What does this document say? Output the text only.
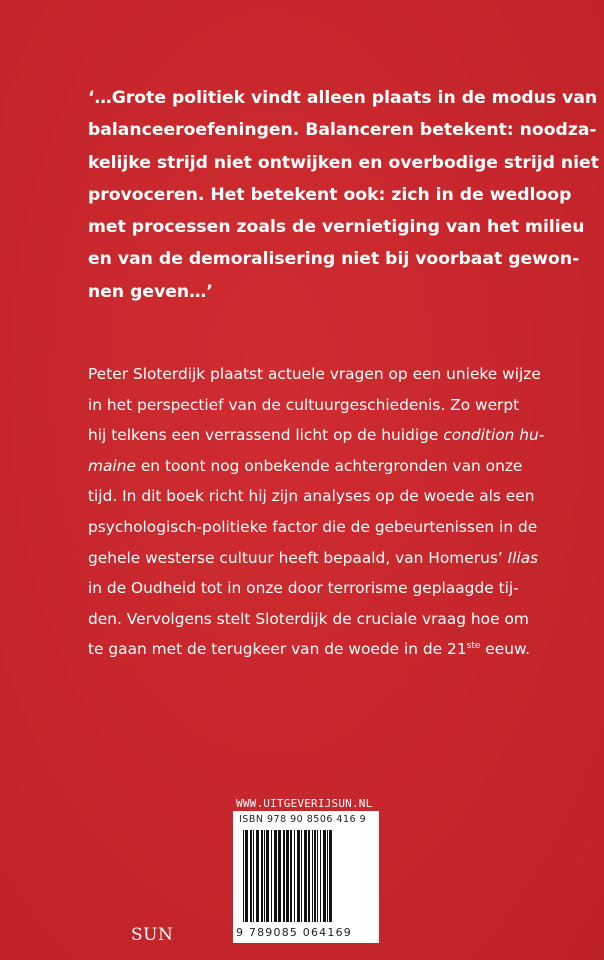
‘…Grote politiek vindt alleen plaats in de modus van
balanceeroefeningen. Balanceren betekent: noodza-
kelijke strijd niet ontwijken en overbodige strijd niet
provoceren. Het betekent ook: zich in de wedloop
met processen zoals de vernietiging van het milieu
en van de demoralisering niet bij voorbaat gewon-
nen geven…’

Peter Sloterdijk plaatst actuele vragen op een unieke wijze
in het perspectief van de cultuurgeschiedenis. Zo werpt
hij telkens een verrassend licht op de huidige condition hu-
maine en toont nog onbekende achtergronden van onze
tijd. In dit boek richt hij zijn analyses op de woede als een
psychologisch-politieke factor die de gebeurtenissen in de
gehele westerse cultuur heeft bepaald, van Homerus’ Ilias
in de Oudheid tot in onze door terrorisme geplaagde tij-
den. Vervolgens stelt Sloterdijk de cruciale vraag hoe om
te gaan met de terugkeer van de woede in de 21ste eeuw.

WWW.UITGEVERIJSUN.NL
ISBN 978 90 8506 416 9
9 789085 064169
SUN
